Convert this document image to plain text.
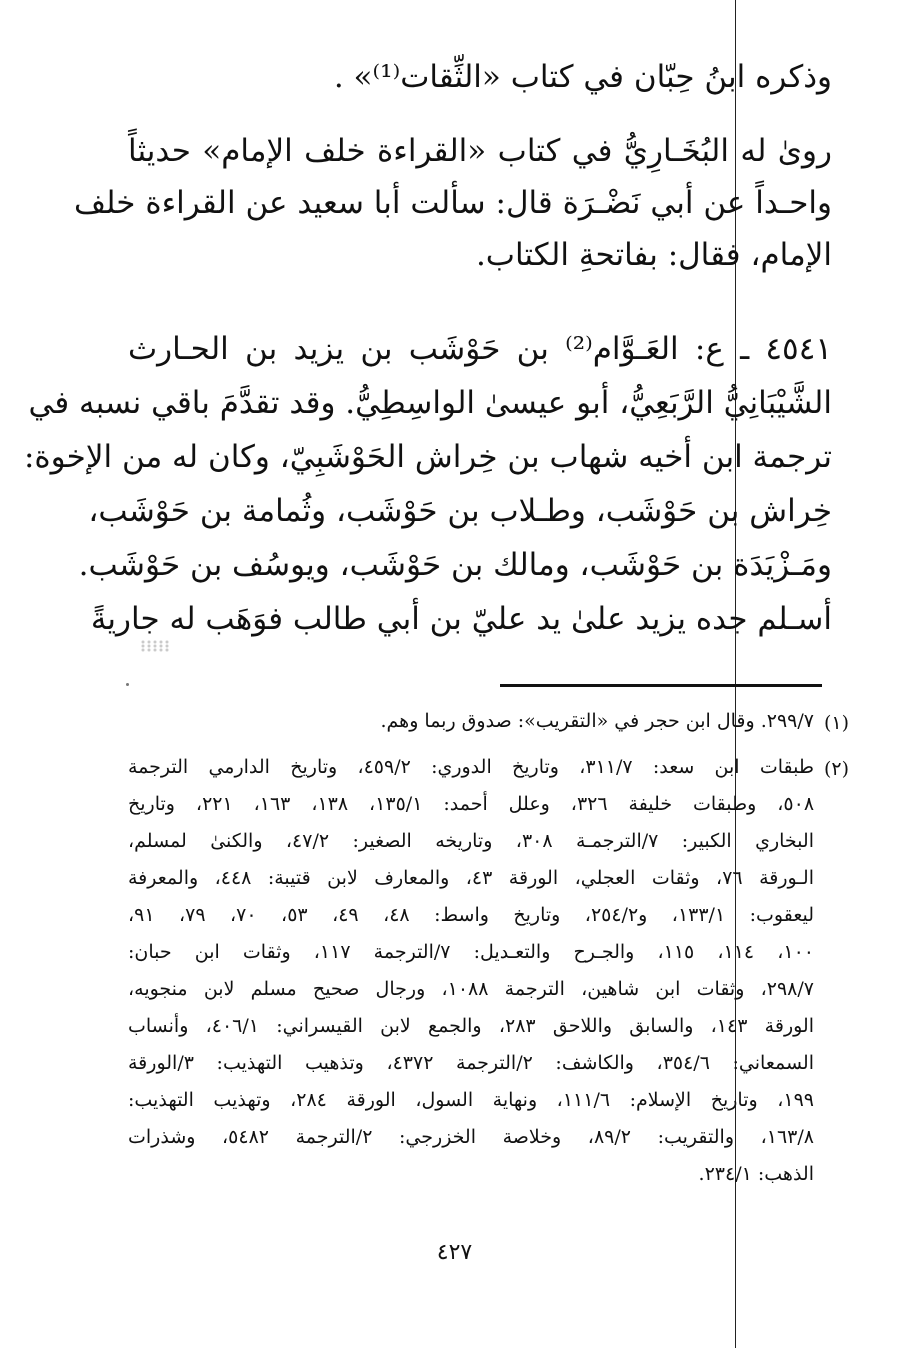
وذكره ابنُ حِبّان في كتاب «الثِّقات⁽¹⁾» .
روىٰ له البُخَـارِيُّ في كتاب «القراءة خلف الإمام» حديثاً
واحـداً عن أبي نَضْـرَة قال: سألت أبا سعيد عن القراءة خلف
الإمام، فقال: بفاتحةِ الكتاب.
٤٥٤١ ـ ع: العَـوَّام⁽²⁾ بن حَوْشَب بن يزيد بن الحـارث
الشَّيْبَانِيُّ الرَّبَعِيُّ، أبو عيسىٰ الواسِطِيُّ. وقد تقدَّمَ باقي نسبه في
ترجمة ابن أخيه شهاب بن خِراش الحَوْشَبِيّ، وكان له من الإخوة:
خِراش بن حَوْشَب، وطـلاب بن حَوْشَب، وثُمامة بن حَوْشَب،
ومَـزْيَدَة بن حَوْشَب، ومالك بن حَوْشَب، ويوسُف بن حَوْشَب.
أسـلم جده يزيد علىٰ يد عليّ بن أبي طالب فوَهَب له جاريةً
(١)
٢٩٩/٧. وقال ابن حجر في «التقريب»: صدوق ربما وهم.
(٢)
طبقات ابن سعد: ٣١١/٧، وتاريخ الدوري: ٤٥٩/٢، وتاريخ الدارمي الترجمة
٥٠٨، وطبقات خليفة ٣٢٦، وعلل أحمد: ١٣٥/١، ١٣٨، ١٦٣، ٢٢١، وتاريخ
البخاري الكبير: ٧/الترجمـة ٣٠٨، وتاريخه الصغير: ٤٧/٢، والكنىٰ لمسلم،
الـورقة ٧٦، وثقات العجلي، الورقة ٤٣، والمعارف لابن قتيبة: ٤٤٨، والمعرفة
ليعقوب: ١٣٣/١، و٢٥٤/٢، وتاريخ واسط: ٤٨، ٤٩، ٥٣، ٧٠، ٧٩، ٩١،
١٠٠، ١١٤، ١١٥، والجـرح والتعـديل: ٧/الترجمة ١١٧، وثقات ابن حبان:
٢٩٨/٧، وثقات ابن شاهين، الترجمة ١٠٨٨، ورجال صحيح مسلم لابن منجويه،
الورقة ١٤٣، والسابق واللاحق ٢٨٣، والجمع لابن القيسراني: ٤٠٦/١، وأنساب
السمعاني: ٣٥٤/٦، والكاشف: ٢/الترجمة ٤٣٧٢، وتذهيب التهذيب: ٣/الورقة
١٩٩، وتاريخ الإسلام: ١١١/٦، ونهاية السول، الورقة ٢٨٤، وتهذيب التهذيب:
١٦٣/٨، والتقريب: ٨٩/٢، وخلاصة الخزرجي: ٢/الترجمة ٥٤٨٢، وشذرات
الذهب: ٢٣٤/١.
٤٢٧
